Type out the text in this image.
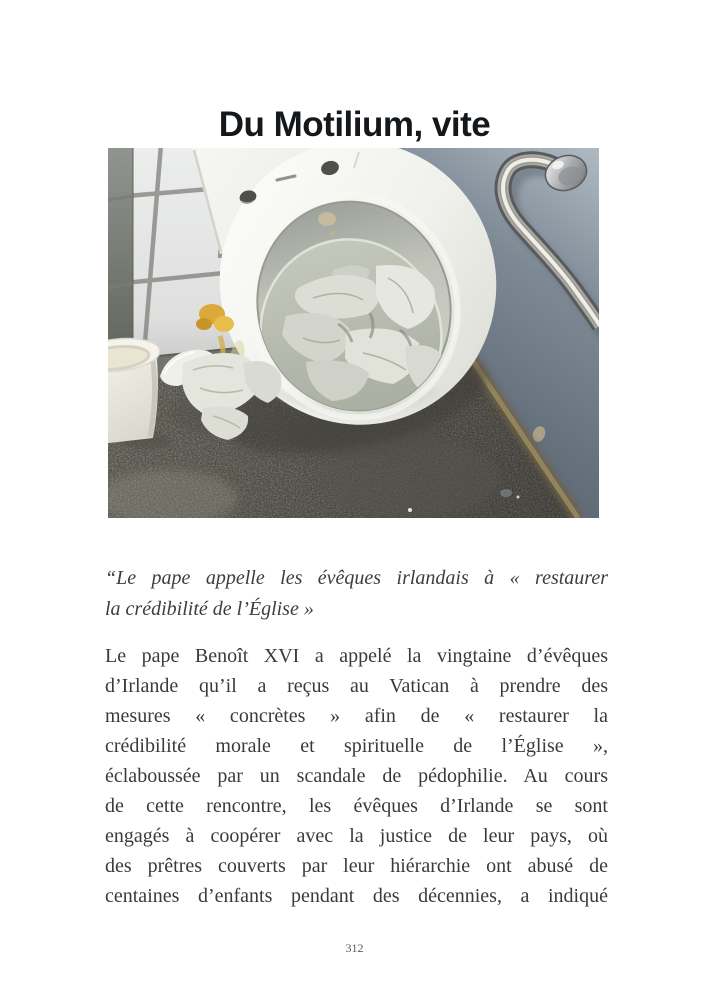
Du Motilium, vite
“Le pape appelle les évêques irlandais à « restaurer
la crédibilité de l’Église »
Le pape Benoît XVI a appelé la vingtaine d’évêques
d’Irlande qu’il a reçus au Vatican à prendre des
mesures « concrètes » afin de « restaurer la
crédibilité morale et spirituelle de l’Église »,
éclaboussée par un scandale de pédophilie. Au cours
de cette rencontre, les évêques d’Irlande se sont
engagés à coopérer avec la justice de leur pays, où
des prêtres couverts par leur hiérarchie ont abusé de
centaines d’enfants pendant des décennies, a indiqué
312
